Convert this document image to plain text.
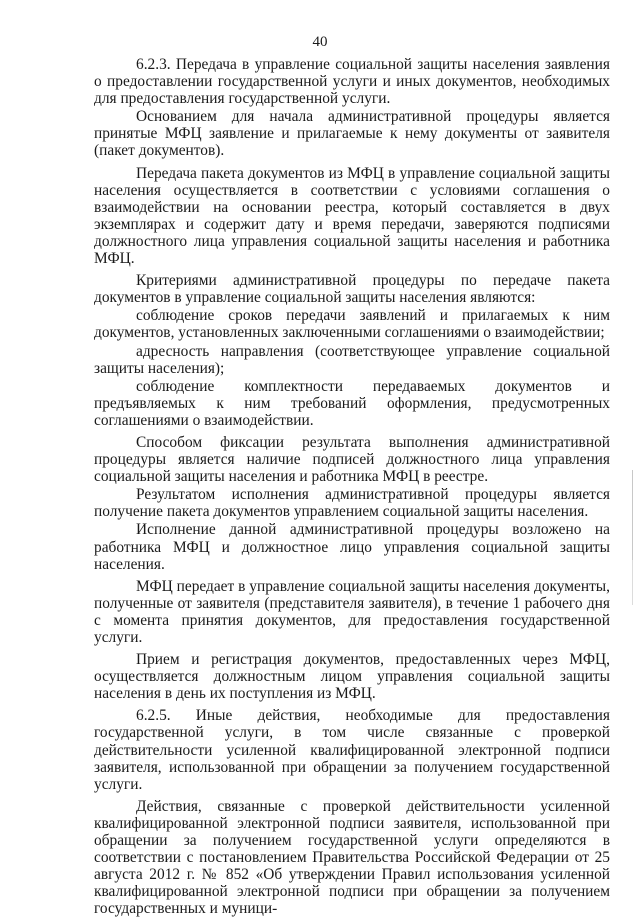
40

6.2.3. Передача в управление социальной защиты населения заявления о предоставлении государственной услуги и иных документов, необходимых для предоставления государственной услуги.

Основанием для начала административной процедуры является принятые МФЦ заявление и прилагаемые к нему документы от заявителя (пакет документов).

Передача пакета документов из МФЦ в управление социальной защиты населения осуществляется в соответствии с условиями соглашения о взаимодействии на основании реестра, который составляется в двух экземплярах и содержит дату и время передачи, заверяются подписями должностного лица управления социальной защиты населения и работника МФЦ.

Критериями административной процедуры по передаче пакета документов в управление социальной защиты населения являются:

соблюдение сроков передачи заявлений и прилагаемых к ним документов, установленных заключенными соглашениями о взаимодействии;

адресность направления (соответствующее управление социальной защиты населения);

соблюдение комплектности передаваемых документов и предъявляемых к ним требований оформления, предусмотренных соглашениями о взаимодействии.

Способом фиксации результата выполнения административной процедуры является наличие подписей должностного лица управления социальной защиты населения и работника МФЦ в реестре.

Результатом исполнения административной процедуры является получение пакета документов управлением социальной защиты населения.

Исполнение данной административной процедуры возложено на работника МФЦ и должностное лицо управления социальной защиты населения.

МФЦ передает в управление социальной защиты населения документы, полученные от заявителя (представителя заявителя), в течение 1 рабочего дня с момента принятия документов, для предоставления государственной услуги.

Прием и регистрация документов, предоставленных через МФЦ, осуществляется должностным лицом управления социальной защиты населения в день их поступления из МФЦ.

6.2.5. Иные действия, необходимые для предоставления государственной услуги, в том числе связанные с проверкой действительности усиленной квалифицированной электронной подписи заявителя, использованной при обращении за получением государственной услуги.

Действия, связанные с проверкой действительности усиленной квалифицированной электронной подписи заявителя, использованной при обращении за получением государственной услуги определяются в соответствии с постановлением Правительства Российской Федерации от 25 августа 2012 г. № 852 «Об утверждении Правил использования усиленной квалифицированной электронной подписи при обращении за получением государственных и муници-
